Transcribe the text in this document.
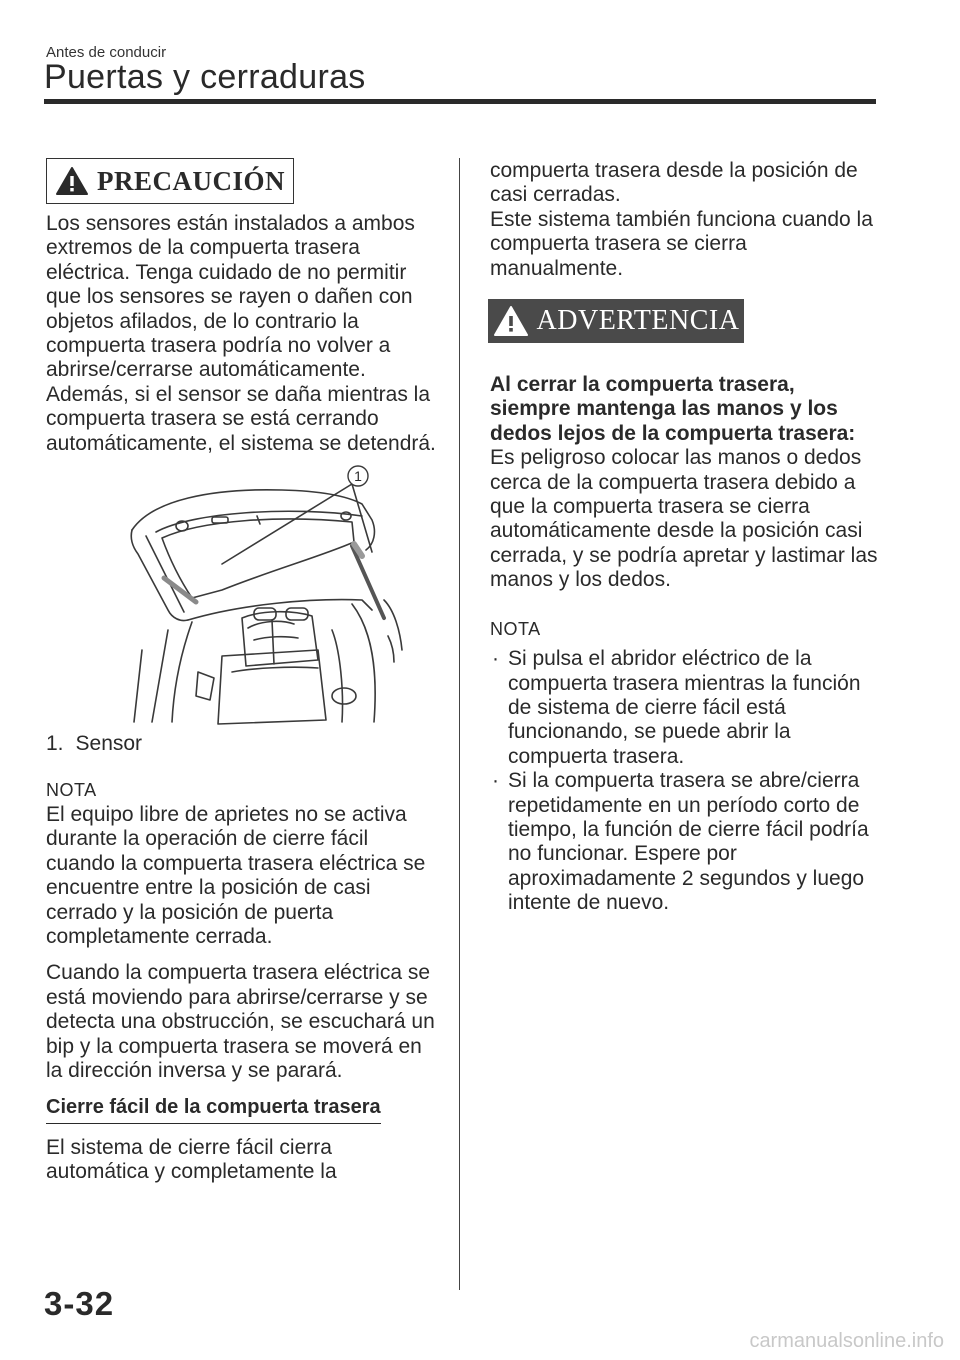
Antes de conducir
Puertas y cerraduras
PRECAUCIÓN

Los sensores están instalados a ambos extremos de la compuerta trasera eléctrica. Tenga cuidado de no permitir que los sensores se rayen o dañen con objetos afilados, de lo contrario la compuerta trasera podría no volver a abrirse/cerrarse automáticamente. Además, si el sensor se daña mientras la compuerta trasera se está cerrando automáticamente, el sistema se detendrá.

1
1. Sensor
NOTA

El equipo libre de aprietes no se activa durante la operación de cierre fácil cuando la compuerta trasera eléctrica se encuentre entre la posición de casi cerrado y la posición de puerta completamente cerrada.

Cuando la compuerta trasera eléctrica se está moviendo para abrirse/cerrarse y se detecta una obstrucción, se escuchará un bip y la compuerta trasera se moverá en la dirección inversa y se parará.

Cierre fácil de la compuerta trasera

El sistema de cierre fácil cierra automática y completamente la

compuerta trasera desde la posición de casi cerradas.

Este sistema también funciona cuando la compuerta trasera se cierra manualmente.

ADVERTENCIA

Al cerrar la compuerta trasera, siempre mantenga las manos y los dedos lejos de la compuerta trasera:

Es peligroso colocar las manos o dedos cerca de la compuerta trasera debido a que la compuerta trasera se cierra automáticamente desde la posición casi cerrada, y se podría apretar y lastimar las manos y los dedos.

NOTA
· Si pulsa el abridor eléctrico de la compuerta trasera mientras la función de sistema de cierre fácil está funcionando, se puede abrir la compuerta trasera.
· Si la compuerta trasera se abre/cierra repetidamente en un período corto de tiempo, la función de cierre fácil podría no funcionar. Espere por aproximadamente 2 segundos y luego intente de nuevo.
3-32
carmanualsonline.info
